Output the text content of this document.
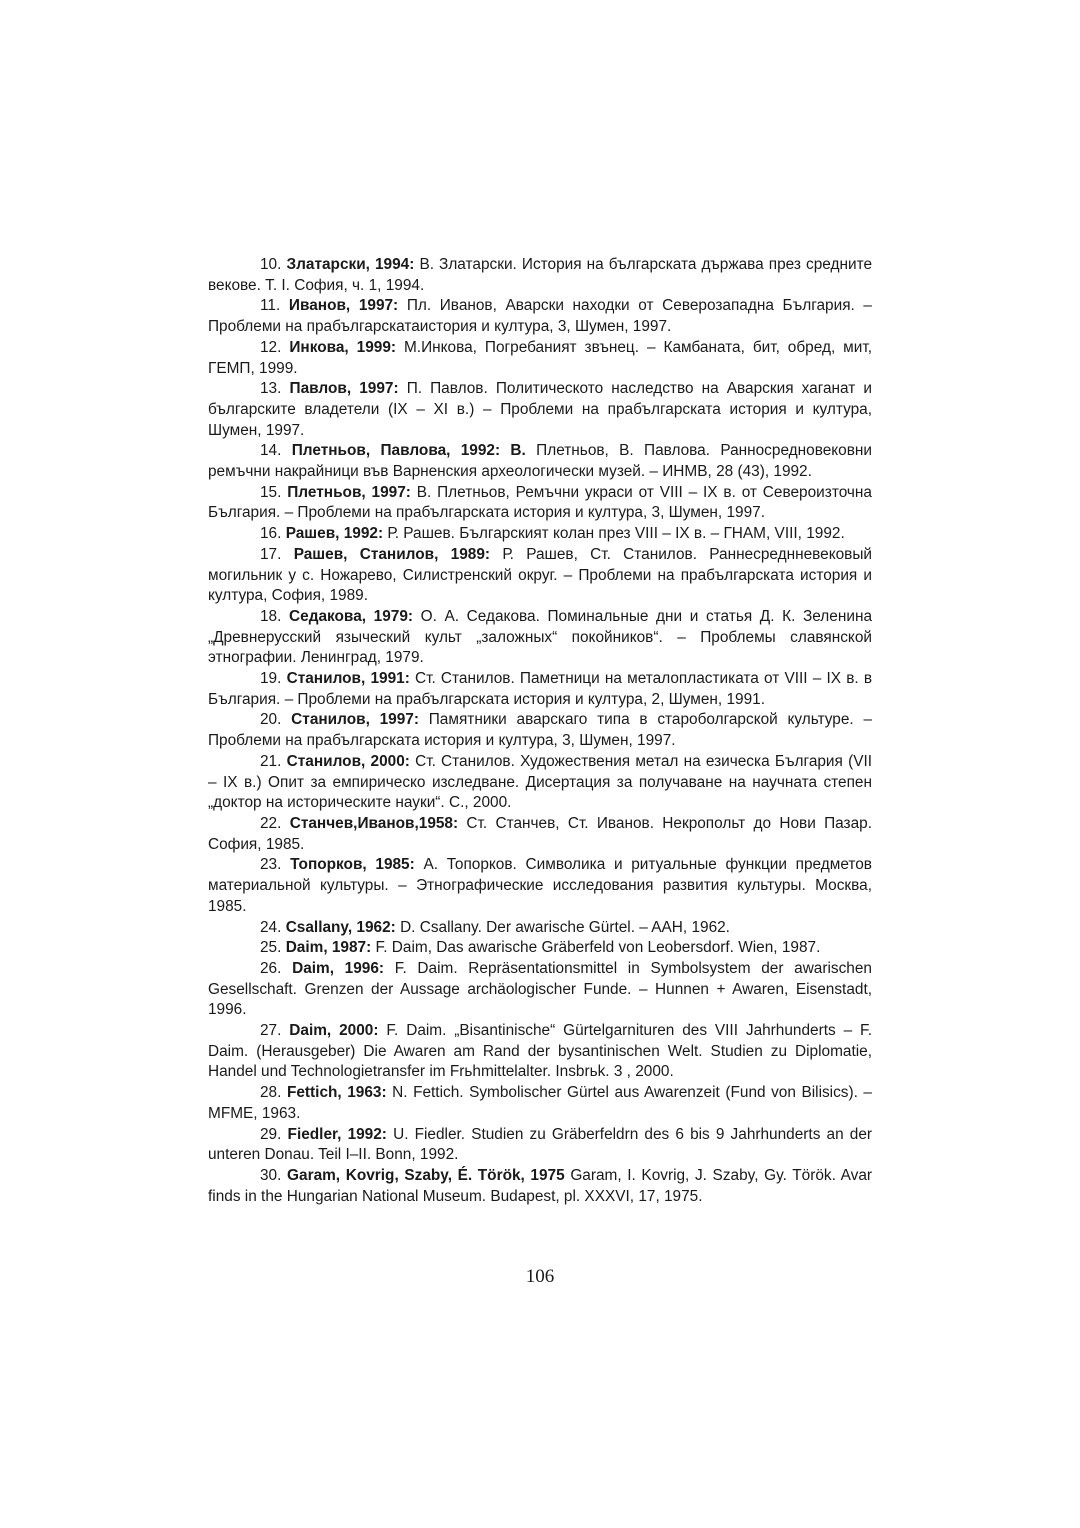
10. Златарски, 1994: В. Златарски. История на българската държава през средните векове. Т. І. София, ч. 1, 1994.

11. Иванов, 1997: Пл. Иванов, Аварски находки от Северозападна България. – Проблеми на прабългарскатаистория и култура, 3, Шумен, 1997.

12. Инкова, 1999: М.Инкова, Погребаният звънец. – Камбаната, бит, обред, мит, ГЕМП, 1999.

13. Павлов, 1997: П. Павлов. Политическото наследство на Аварския хаганат и българските владетели (IX – XI в.) – Проблеми на прабългарската история и култура, Шумен, 1997.

14. Плетньов, Павлова, 1992: В. Плетньов, В. Павлова. Ранносредновековни ремъчни накрайници във Варненския археологически музей. – ИНМВ, 28 (43), 1992.

15. Плетньов, 1997: В. Плетньов, Ремъчни украси от VIII – IX в. от Североизточна България. – Проблеми на прабългарската история и култура, 3, Шумен, 1997.

16. Рашев, 1992: Р. Рашев. Българският колан през VIII – IX в. – ГНАМ, VIII, 1992.

17. Рашев, Станилов, 1989: Р. Рашев, Ст. Станилов. Раннесреднневековый могильник у с. Ножарево, Силистренский округ. – Проблеми на прабългарската история и култура, София, 1989.

18. Седакова, 1979: О. А. Седакова. Поминальные дни и статья Д. К. Зеленина „Древнерусский языческий культ „заложных“ покойников“. – Проблемы славянской этнографии. Ленинград, 1979.

19. Станилов, 1991: Ст. Станилов. Паметници на металопластиката от VIII – IX в. в България. – Проблеми на прабългарската история и култура, 2, Шумен, 1991.

20. Станилов, 1997: Памятники аварскаго типа в староболгарской культуре. – Проблеми на прабългарската история и култура, 3, Шумен, 1997.

21. Станилов, 2000: Ст. Станилов. Художествения метал на езическа България (VII – IX в.) Опит за емпирическо изследване. Дисертация за получаване на научната степен „доктор на историческите науки“. С., 2000.

22. Станчев,Иванов,1958: Ст. Станчев, Ст. Иванов. Некропольт до Нови Пазар. София, 1985.

23. Топорков, 1985: А. Топорков. Символика и ритуальные функции предметов материальной культуры. – Этнографические исследования развития культуры. Москва, 1985.

24. Csallany, 1962: D. Csallany. Der awarische Gürtel. – AAH, 1962.

25. Daim, 1987: F. Daim, Das awarische Gräberfeld von Leobersdorf. Wien, 1987.

26. Daim, 1996: F. Daim. Repräsentationsmittel in Symbolsystem der awarischen Gesellschaft. Grenzen der Aussage archäologischer Funde. – Hunnen + Awaren, Eisenstadt, 1996.

27. Daim, 2000: F. Daim. „Bisantinische“ Gürtelgarnituren des VIII Jahrhunderts – F. Daim. (Herausgeber) Die Awaren am Rand der bysantinischen Welt. Studien zu Diplomatie, Handel und Technologietransfer im Frьhmittelalter. Insbrьk. 3 , 2000.

28. Fettich, 1963: N. Fettich. Symbolischer Gürtel aus Awarenzeit (Fund von Bilisics). – MFME, 1963.

29. Fiedler, 1992: U. Fiedler. Studien zu Gräberfeldrn des 6 bis 9 Jahrhunderts an der unteren Donau. Teil I–II. Bonn, 1992.

30. Garam, Kovrig, Szaby, É. Török, 1975 Garam, I. Kovrig, J. Szaby, Gy. Török. Avar finds in the Hungarian National Museum. Budapest, pl. XXXVI, 17, 1975.

106
